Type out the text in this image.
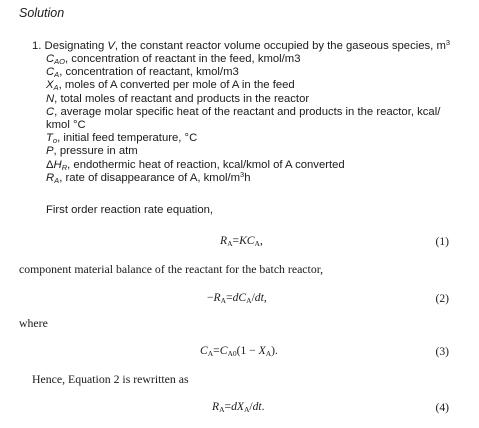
Solution
1. Designating V, the constant reactor volume occupied by the gaseous species, $m^3$
$C_{AO}$, concentration of reactant in the feed, kmol/m3
$C_A$, concentration of reactant, kmol/m3
$X_A$, moles of A converted per mole of A in the feed
N, total moles of reactant and products in the reactor
C, average molar specific heat of the reactant and products in the reactor, kcal/
kmol °C
$T_o$, initial feed temperature, °C
P, pressure in atm
$\Delta H_R$, endothermic heat of reaction, kcal/kmol of A converted
$R_A$, rate of disappearance of A, kmol/$m^3h$
First order reaction rate equation,
$R_A=KC_A$,	(1)
component material balance of the reactant for the batch reactor,
$-R_A=dC_A/dt$,	(2)
where
$C_A=C_{A0}(1 - X_A)$.	(3)
Hence, Equation 2 is rewritten as
$R_A=dX_A/dt$.	(4)
